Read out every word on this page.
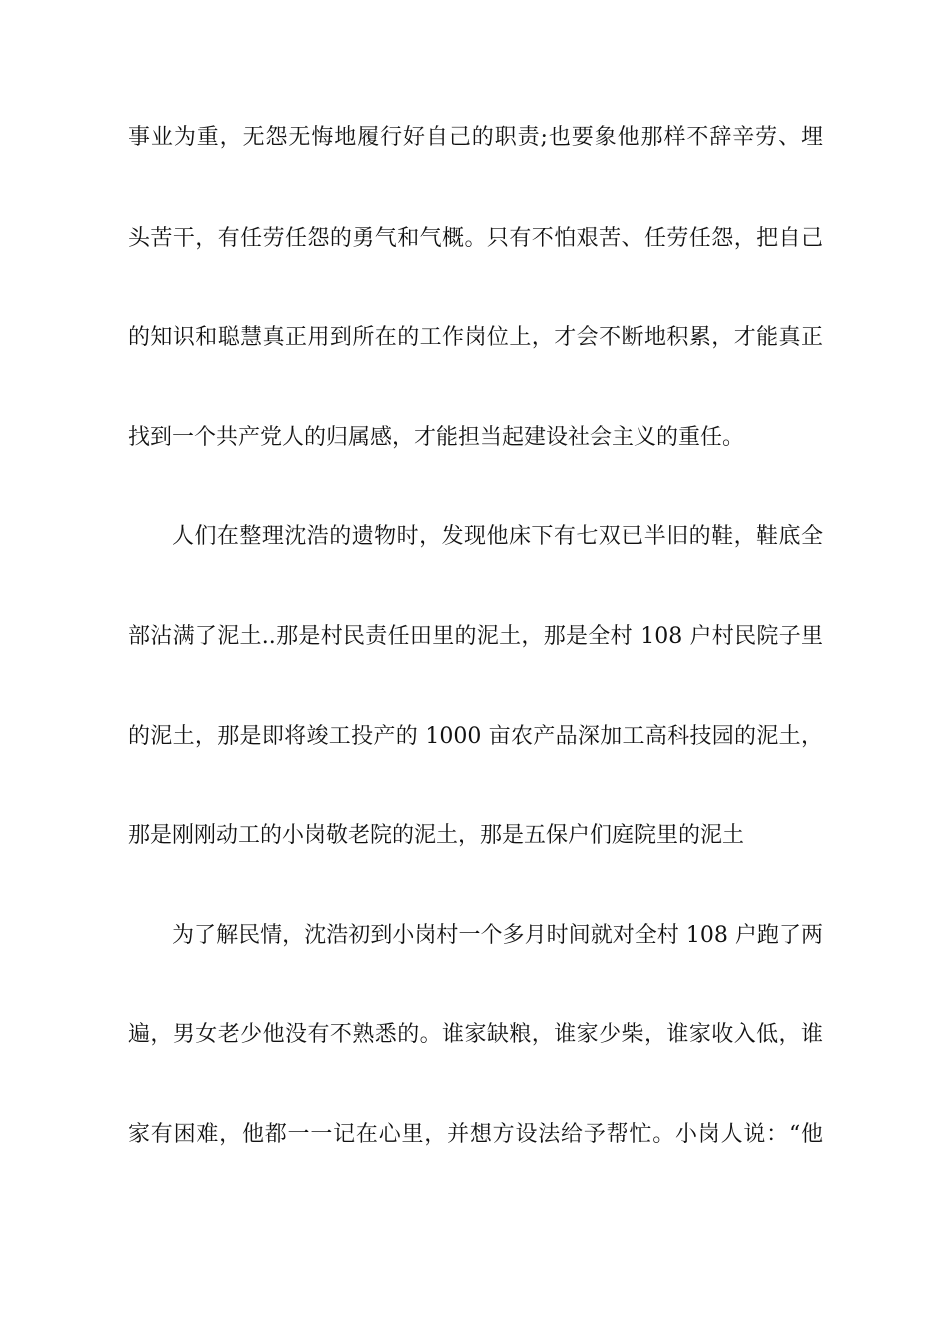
事业为重，无怨无悔地履行好自己的职责;也要象他那样不辞辛劳、埋
头苦干，有任劳任怨的勇气和气概。只有不怕艰苦、任劳任怨，把自己
的知识和聪慧真正用到所在的工作岗位上，才会不断地积累，才能真正
找到一个共产党人的归属感，才能担当起建设社会主义的重任。
人们在整理沈浩的遗物时，发现他床下有七双已半旧的鞋，鞋底全
部沾满了泥土..那是村民责任田里的泥土，那是全村 108 户村民院子里
的泥土，那是即将竣工投产的 1000 亩农产品深加工高科技园的泥土，
那是刚刚动工的小岗敬老院的泥土，那是五保户们庭院里的泥土
为了解民情，沈浩初到小岗村一个多月时间就对全村 108 户跑了两
遍，男女老少他没有不熟悉的。谁家缺粮，谁家少柴，谁家收入低，谁
家有困难，他都一一记在心里，并想方设法给予帮忙。小岗人说：“他
